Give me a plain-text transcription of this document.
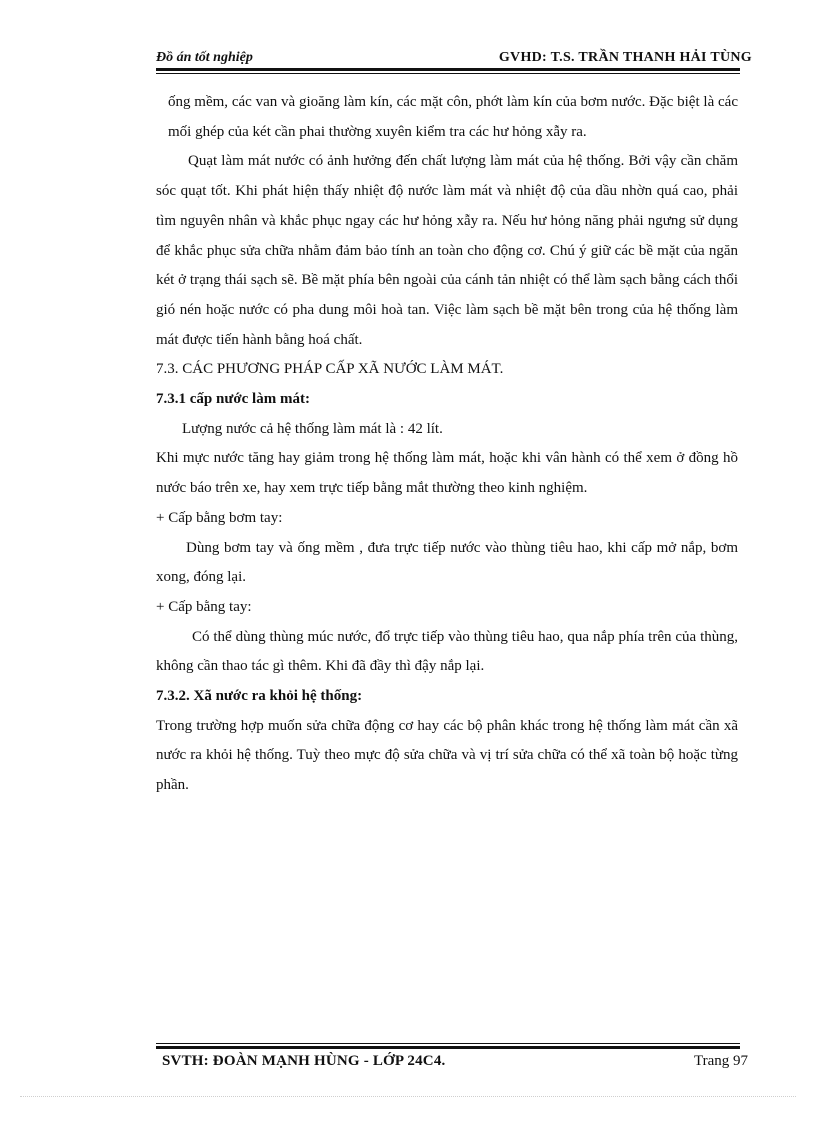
Đồ án tốt nghiệp	GVHD: T.S. TRẦN THANH HẢI TÙNG

ống mềm, các van và gioăng làm kín, các mặt côn, phớt làm kín của bơm nước. Đặc biệt là các mối ghép của két cần phai thường xuyên kiểm tra các hư hỏng xẫy ra.

Quạt làm mát nước có ảnh hưởng đến chất lượng làm mát của hệ thống. Bởi vậy cần chăm sóc quạt tốt. Khi phát hiện thấy nhiệt độ nước làm mát và nhiệt độ của dầu nhờn quá cao, phải tìm nguyên nhân và khắc phục ngay các hư hỏng xẫy ra. Nếu hư hỏng năng phải ngưng sử dụng để khắc phục sửa chữa nhằm đảm bảo tính an toàn cho động cơ. Chú ý giữ các bề mặt của ngăn két ở trạng thái sạch sẽ. Bề mặt phía bên ngoài của cánh tản nhiệt có thể làm sạch bằng cách thổi gió nén hoặc nước có pha dung môi hoà tan. Việc làm sạch bề mặt bên trong của hệ thống làm mát được tiến hành bằng hoá chất.

7.3. CÁC PHƯƠNG PHÁP CẤP XÃ NƯỚC LÀM MÁT.

7.3.1 cấp nước làm mát:

Lượng nước cả hệ thống làm mát là : 42 lít.

Khi mực nước tăng hay giảm trong hệ thống làm mát, hoặc khi vân hành có thể xem ở đồng hồ nước báo trên xe, hay xem trực tiếp bằng mắt thường theo kinh nghiệm.

+ Cấp bằng bơm tay:

Dùng bơm tay và ống mềm , đưa trực tiếp nước vào thùng tiêu hao, khi cấp mở nắp, bơm xong, đóng lại.

+ Cấp bằng tay:

Có thể dùng thùng múc nước, đổ trực tiếp vào thùng tiêu hao, qua nắp phía trên của thùng, không cần thao tác gì thêm. Khi đã đầy thì đậy nắp lại.

7.3.2. Xã nước ra khỏi hệ thống:

Trong trường hợp muốn sửa chữa động cơ hay các bộ phân khác trong hệ thống làm mát cần xã nước ra khỏi hệ thống. Tuỳ theo mực độ sửa chữa và vị trí sửa chữa có thể xã toàn bộ hoặc từng phần.

SVTH: ĐOÀN MẠNH HÙNG - LỚP 24C4.	Trang 97
